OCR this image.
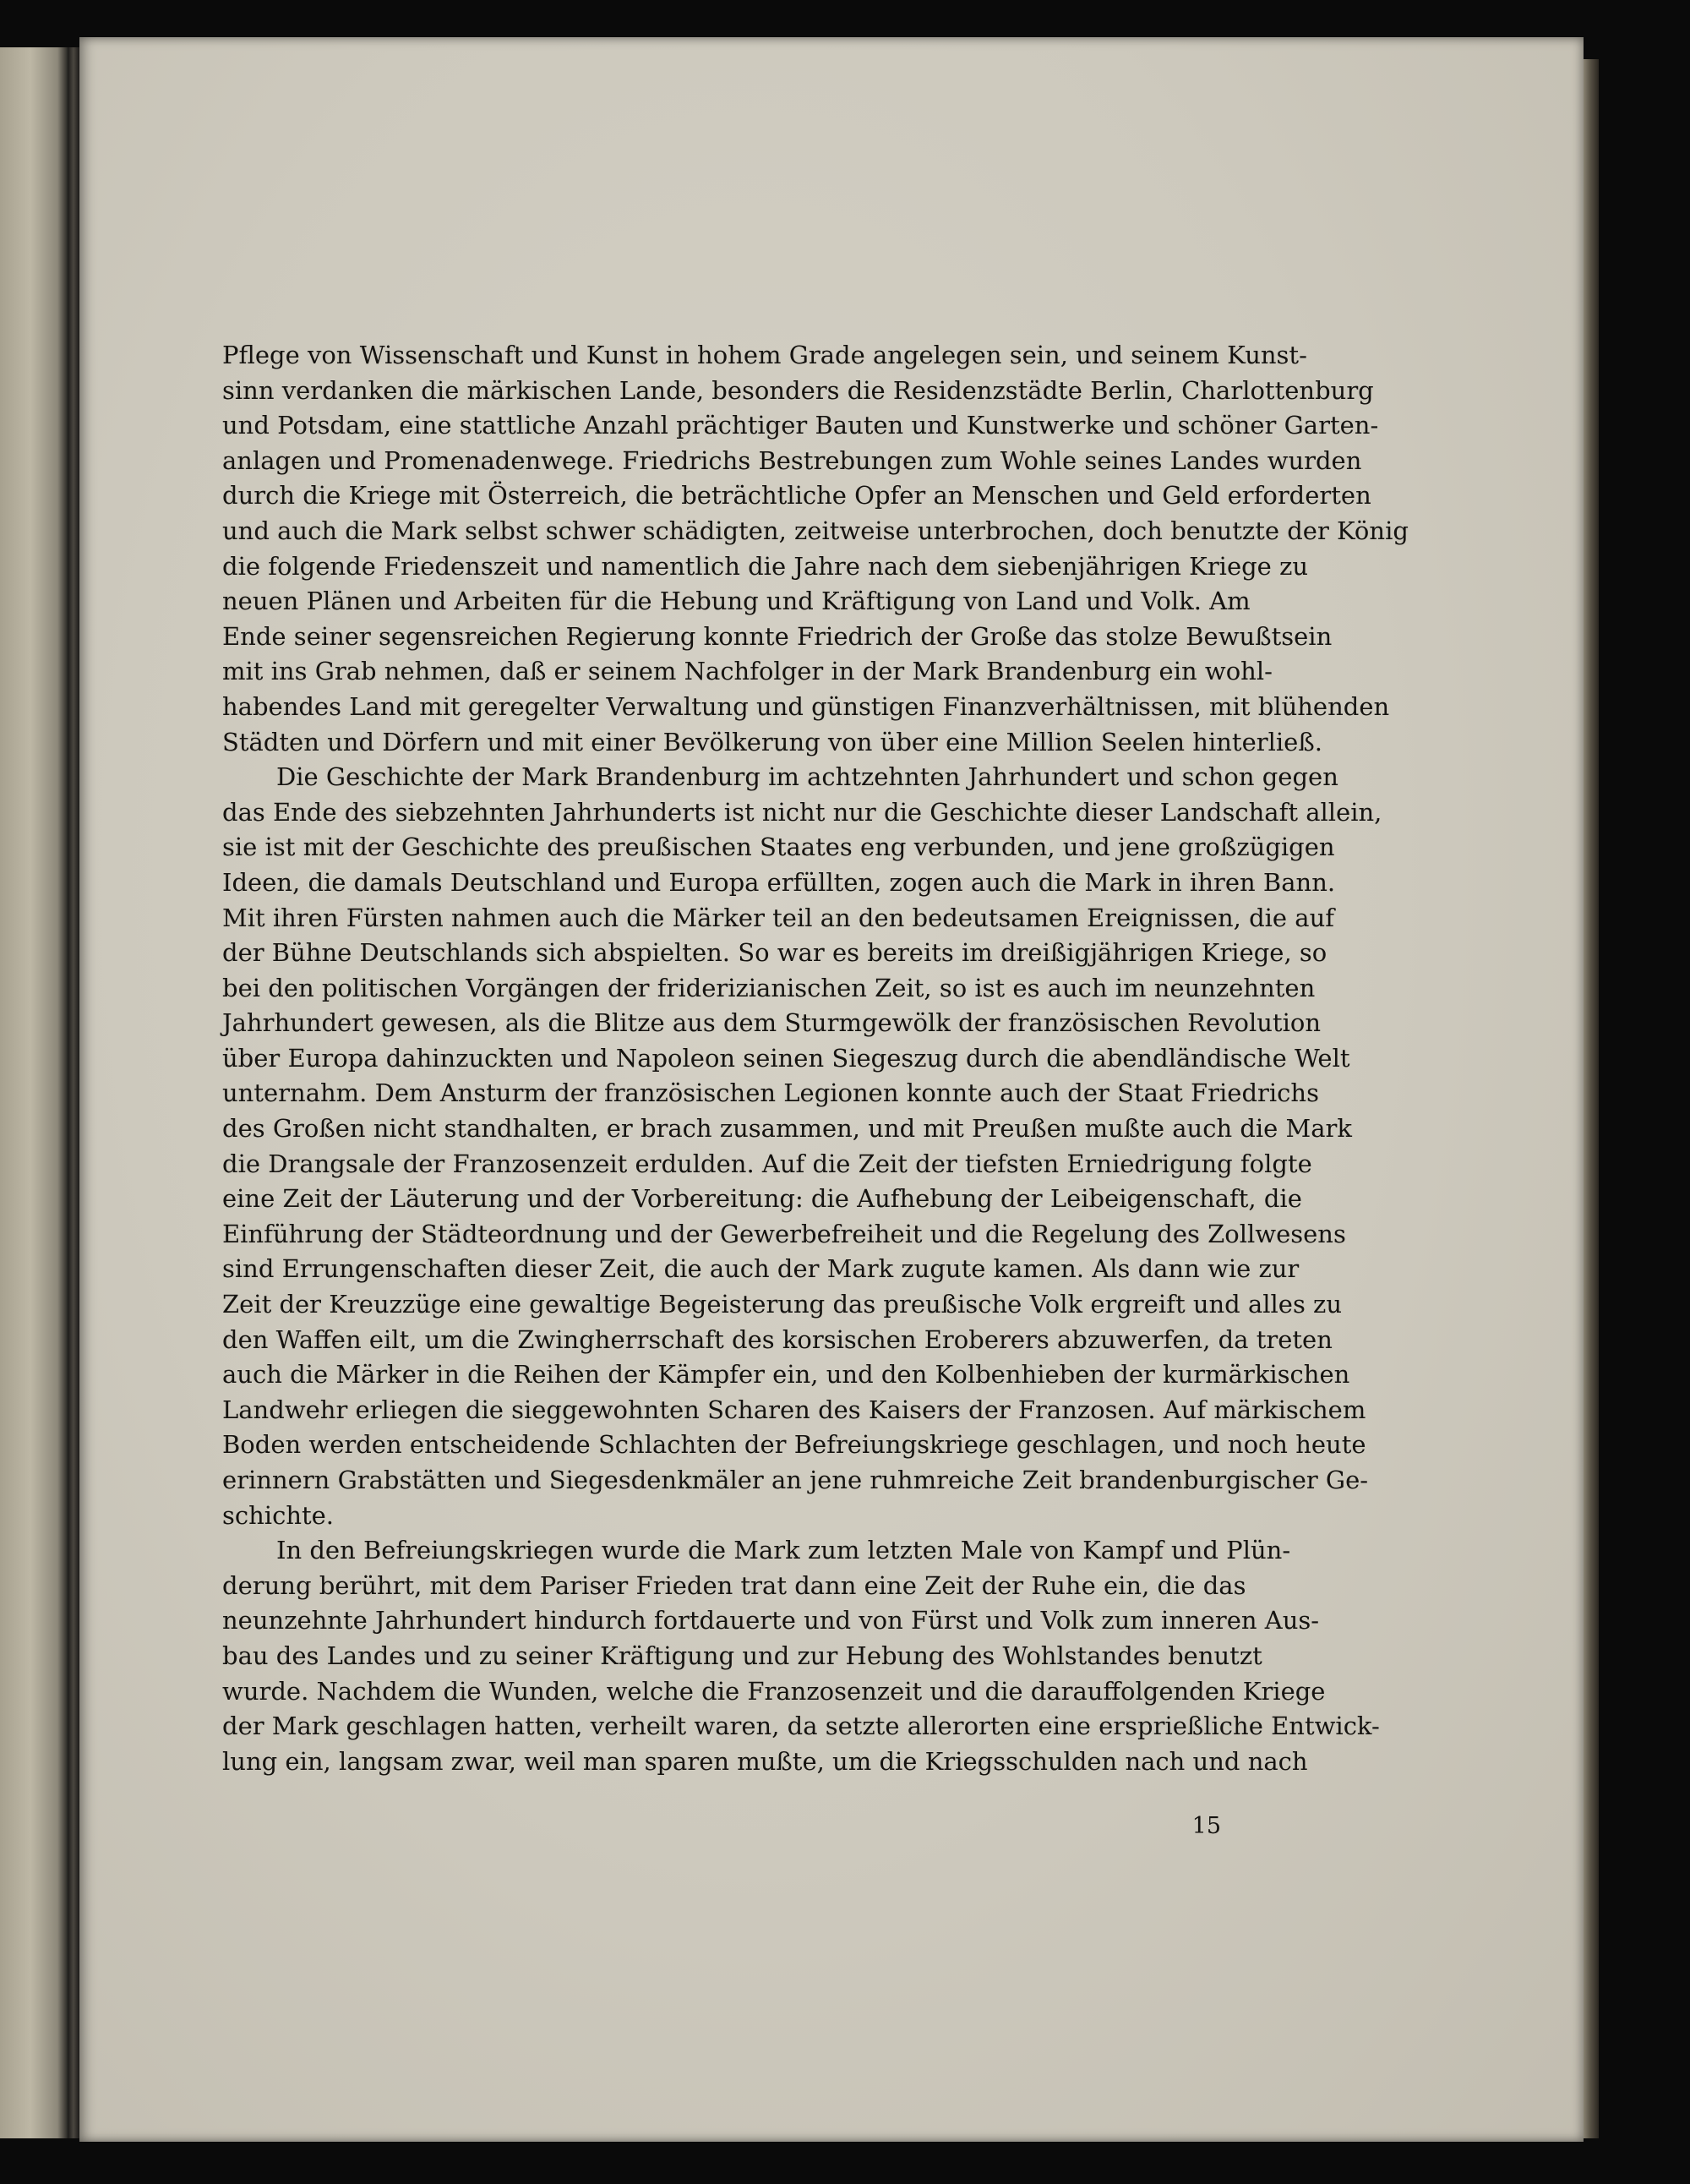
Pflege von Wissenschaft und Kunst in hohem Grade angelegen sein, und seinem Kunst-
sinn verdanken die märkischen Lande, besonders die Residenzstädte Berlin, Charlottenburg
und Potsdam, eine stattliche Anzahl prächtiger Bauten und Kunstwerke und schöner Garten-
anlagen und Promenadenwege. Friedrichs Bestrebungen zum Wohle seines Landes wurden
durch die Kriege mit Österreich, die beträchtliche Opfer an Menschen und Geld erforderten
und auch die Mark selbst schwer schädigten, zeitweise unterbrochen, doch benutzte der König
die folgende Friedenszeit und namentlich die Jahre nach dem siebenjährigen Kriege zu
neuen Plänen und Arbeiten für die Hebung und Kräftigung von Land und Volk. Am
Ende seiner segensreichen Regierung konnte Friedrich der Große das stolze Bewußtsein
mit ins Grab nehmen, daß er seinem Nachfolger in der Mark Brandenburg ein wohl-
habendes Land mit geregelter Verwaltung und günstigen Finanzverhältnissen, mit blühenden
Städten und Dörfern und mit einer Bevölkerung von über eine Million Seelen hinterließ.
Die Geschichte der Mark Brandenburg im achtzehnten Jahrhundert und schon gegen
das Ende des siebzehnten Jahrhunderts ist nicht nur die Geschichte dieser Landschaft allein,
sie ist mit der Geschichte des preußischen Staates eng verbunden, und jene großzügigen
Ideen, die damals Deutschland und Europa erfüllten, zogen auch die Mark in ihren Bann.
Mit ihren Fürsten nahmen auch die Märker teil an den bedeutsamen Ereignissen, die auf
der Bühne Deutschlands sich abspielten. So war es bereits im dreißigjährigen Kriege, so
bei den politischen Vorgängen der friderizianischen Zeit, so ist es auch im neunzehnten
Jahrhundert gewesen, als die Blitze aus dem Sturmgewölk der französischen Revolution
über Europa dahinzuckten und Napoleon seinen Siegeszug durch die abendländische Welt
unternahm. Dem Ansturm der französischen Legionen konnte auch der Staat Friedrichs
des Großen nicht standhalten, er brach zusammen, und mit Preußen mußte auch die Mark
die Drangsale der Franzosenzeit erdulden. Auf die Zeit der tiefsten Erniedrigung folgte
eine Zeit der Läuterung und der Vorbereitung: die Aufhebung der Leibeigenschaft, die
Einführung der Städteordnung und der Gewerbefreiheit und die Regelung des Zollwesens
sind Errungenschaften dieser Zeit, die auch der Mark zugute kamen. Als dann wie zur
Zeit der Kreuzzüge eine gewaltige Begeisterung das preußische Volk ergreift und alles zu
den Waffen eilt, um die Zwingherrschaft des korsischen Eroberers abzuwerfen, da treten
auch die Märker in die Reihen der Kämpfer ein, und den Kolbenhieben der kurmärkischen
Landwehr erliegen die sieggewohnten Scharen des Kaisers der Franzosen. Auf märkischem
Boden werden entscheidende Schlachten der Befreiungskriege geschlagen, und noch heute
erinnern Grabstätten und Siegesdenkmäler an jene ruhmreiche Zeit brandenburgischer Ge-
schichte.
In den Befreiungskriegen wurde die Mark zum letzten Male von Kampf und Plün-
derung berührt, mit dem Pariser Frieden trat dann eine Zeit der Ruhe ein, die das
neunzehnte Jahrhundert hindurch fortdauerte und von Fürst und Volk zum inneren Aus-
bau des Landes und zu seiner Kräftigung und zur Hebung des Wohlstandes benutzt
wurde. Nachdem die Wunden, welche die Franzosenzeit und die darauffolgenden Kriege
der Mark geschlagen hatten, verheilt waren, da setzte allerorten eine ersprießliche Entwick-
lung ein, langsam zwar, weil man sparen mußte, um die Kriegsschulden nach und nach
15
